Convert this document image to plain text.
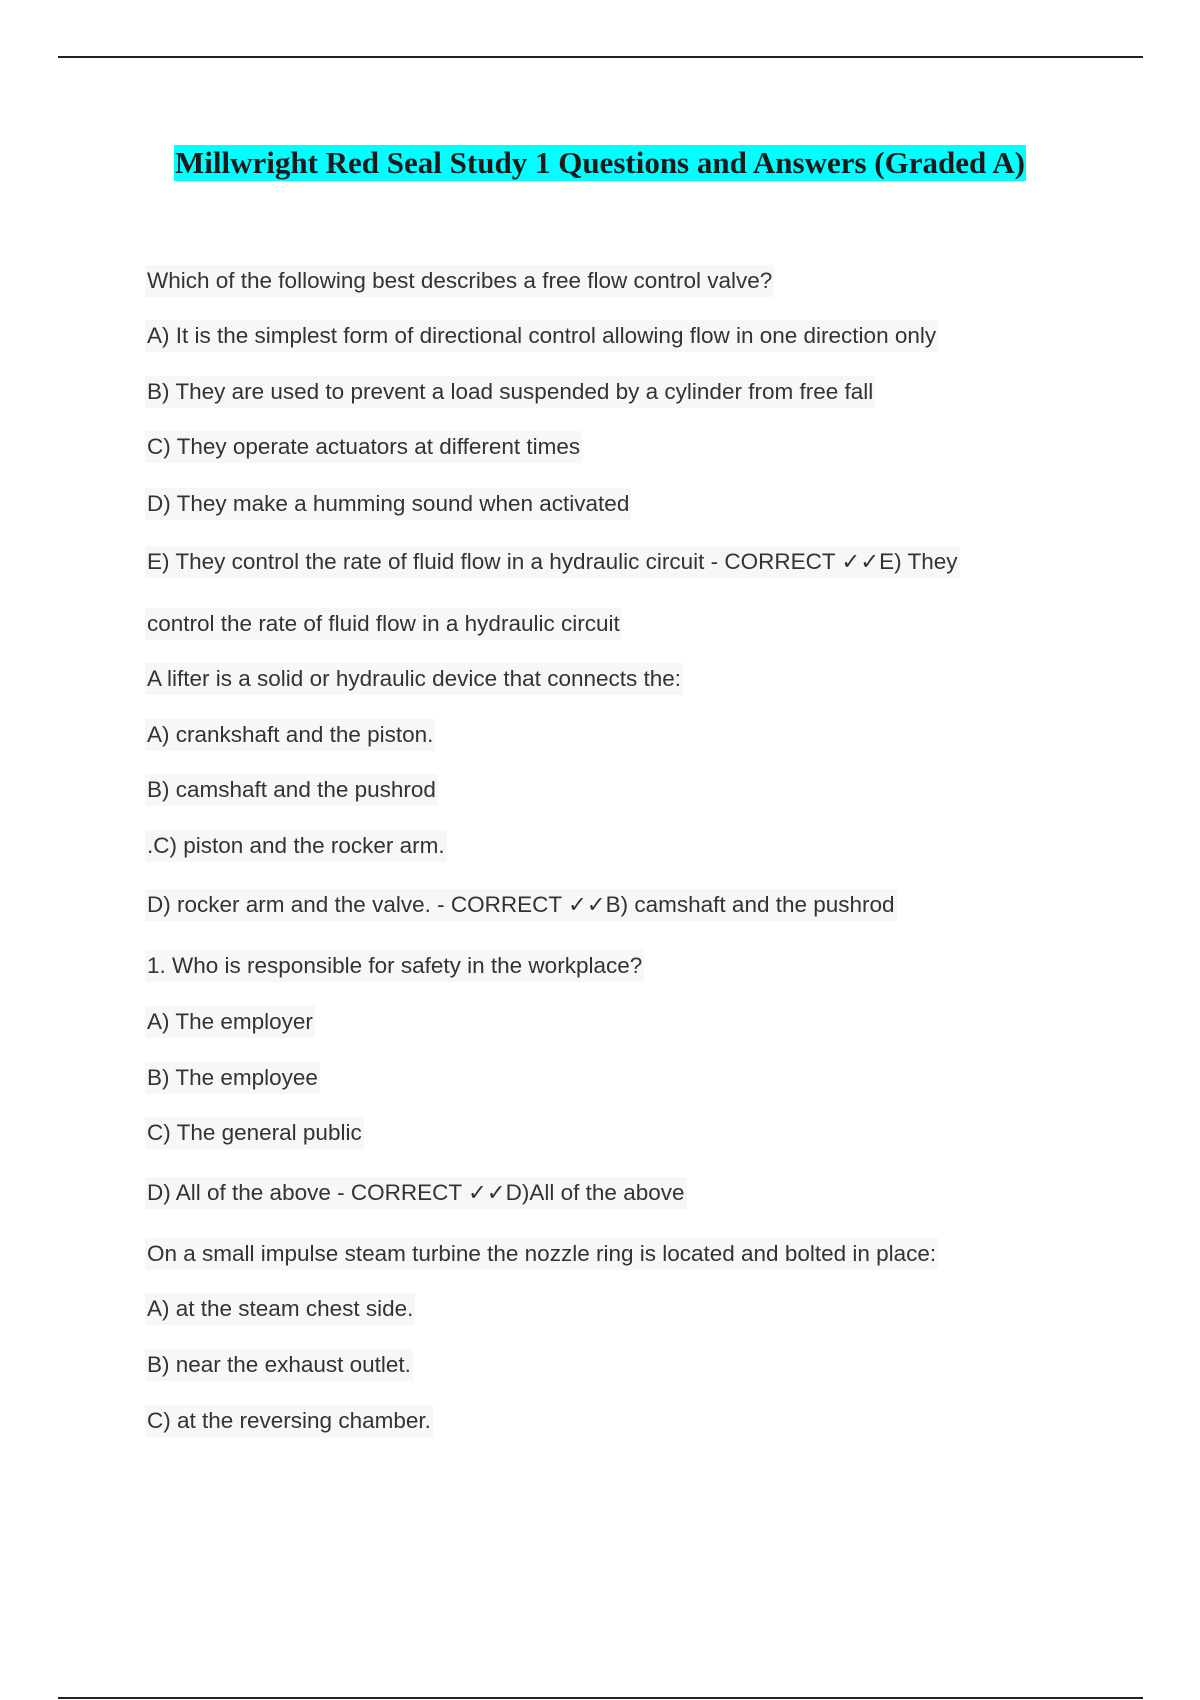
Millwright Red Seal Study 1 Questions and Answers (Graded A)
Which of the following best describes a free flow control valve?
A) It is the simplest form of directional control allowing flow in one direction only
B) They are used to prevent a load suspended by a cylinder from free fall
C) They operate actuators at different times
D) They make a humming sound when activated
E) They control the rate of fluid flow in a hydraulic circuit - CORRECT ✓✓E) They
control the rate of fluid flow in a hydraulic circuit
A lifter is a solid or hydraulic device that connects the:
A) crankshaft and the piston.
B) camshaft and the pushrod
.C) piston and the rocker arm.
D) rocker arm and the valve. - CORRECT ✓✓B) camshaft and the pushrod
1. Who is responsible for safety in the workplace?
A) The employer
B) The employee
C) The general public
D) All of the above - CORRECT ✓✓D)All of the above
On a small impulse steam turbine the nozzle ring is located and bolted in place:
A) at the steam chest side.
B) near the exhaust outlet.
C) at the reversing chamber.
